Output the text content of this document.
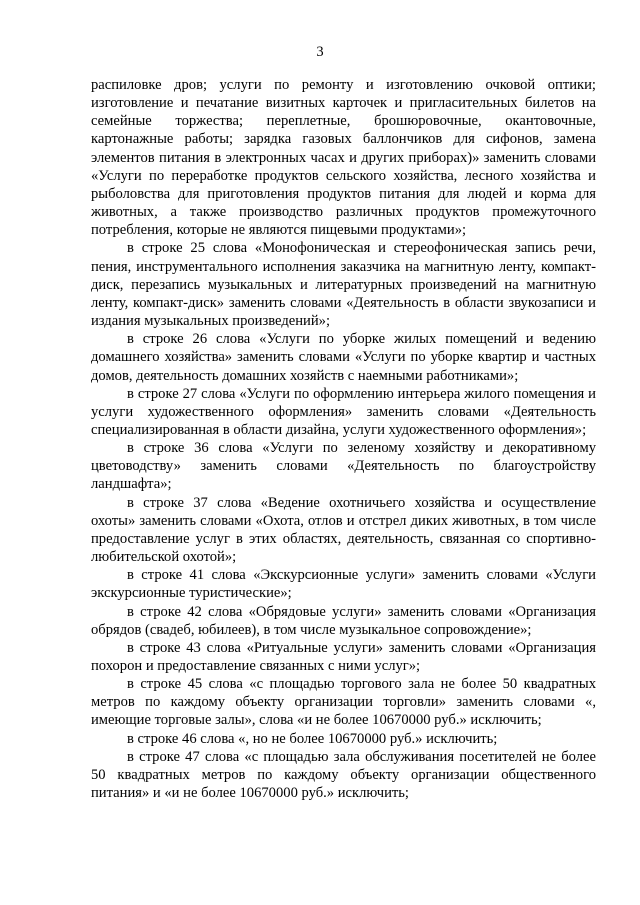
3

распиловке дров; услуги по ремонту и изготовлению очковой оптики; изготовление и печатание визитных карточек и пригласительных билетов на семейные торжества; переплетные, брошюровочные, окантовочные, картонажные работы; зарядка газовых баллончиков для сифонов, замена элементов питания в электронных часах и других приборах)» заменить словами «Услуги по переработке продуктов сельского хозяйства, лесного хозяйства и рыболовства для приготовления продуктов питания для людей и корма для животных, а также производство различных продуктов промежуточного потребления, которые не являются пищевыми продуктами»;

в строке 25 слова «Монофоническая и стереофоническая запись речи, пения, инструментального исполнения заказчика на магнитную ленту, компакт-диск, перезапись музыкальных и литературных произведений на магнитную ленту, компакт-диск» заменить словами «Деятельность в области звукозаписи и издания музыкальных произведений»;

в строке 26 слова «Услуги по уборке жилых помещений и ведению домашнего хозяйства» заменить словами «Услуги по уборке квартир и частных домов, деятельность домашних хозяйств с наемными работниками»;

в строке 27 слова «Услуги по оформлению интерьера жилого помещения и услуги художественного оформления» заменить словами «Деятельность специализированная в области дизайна, услуги художественного оформления»;

в строке 36 слова «Услуги по зеленому хозяйству и декоративному цветоводству» заменить словами «Деятельность по благоустройству ландшафта»;

в строке 37 слова «Ведение охотничьего хозяйства и осуществление охоты» заменить словами «Охота, отлов и отстрел диких животных, в том числе предоставление услуг в этих областях, деятельность, связанная со спортивно-любительской охотой»;

в строке 41 слова «Экскурсионные услуги» заменить словами «Услуги экскурсионные туристические»;

в строке 42 слова «Обрядовые услуги» заменить словами «Организация обрядов (свадеб, юбилеев), в том числе музыкальное сопровождение»;

в строке 43 слова «Ритуальные услуги» заменить словами «Организация похорон и предоставление связанных с ними услуг»;

в строке 45 слова «с площадью торгового зала не более 50 квадратных метров по каждому объекту организации торговли» заменить словами «, имеющие торговые залы», слова «и не более 10670000 руб.» исключить;

в строке 46 слова «, но не более 10670000 руб.» исключить;

в строке 47 слова «с площадью зала обслуживания посетителей не более 50 квадратных метров по каждому объекту организации общественного питания» и «и не более 10670000 руб.» исключить;
